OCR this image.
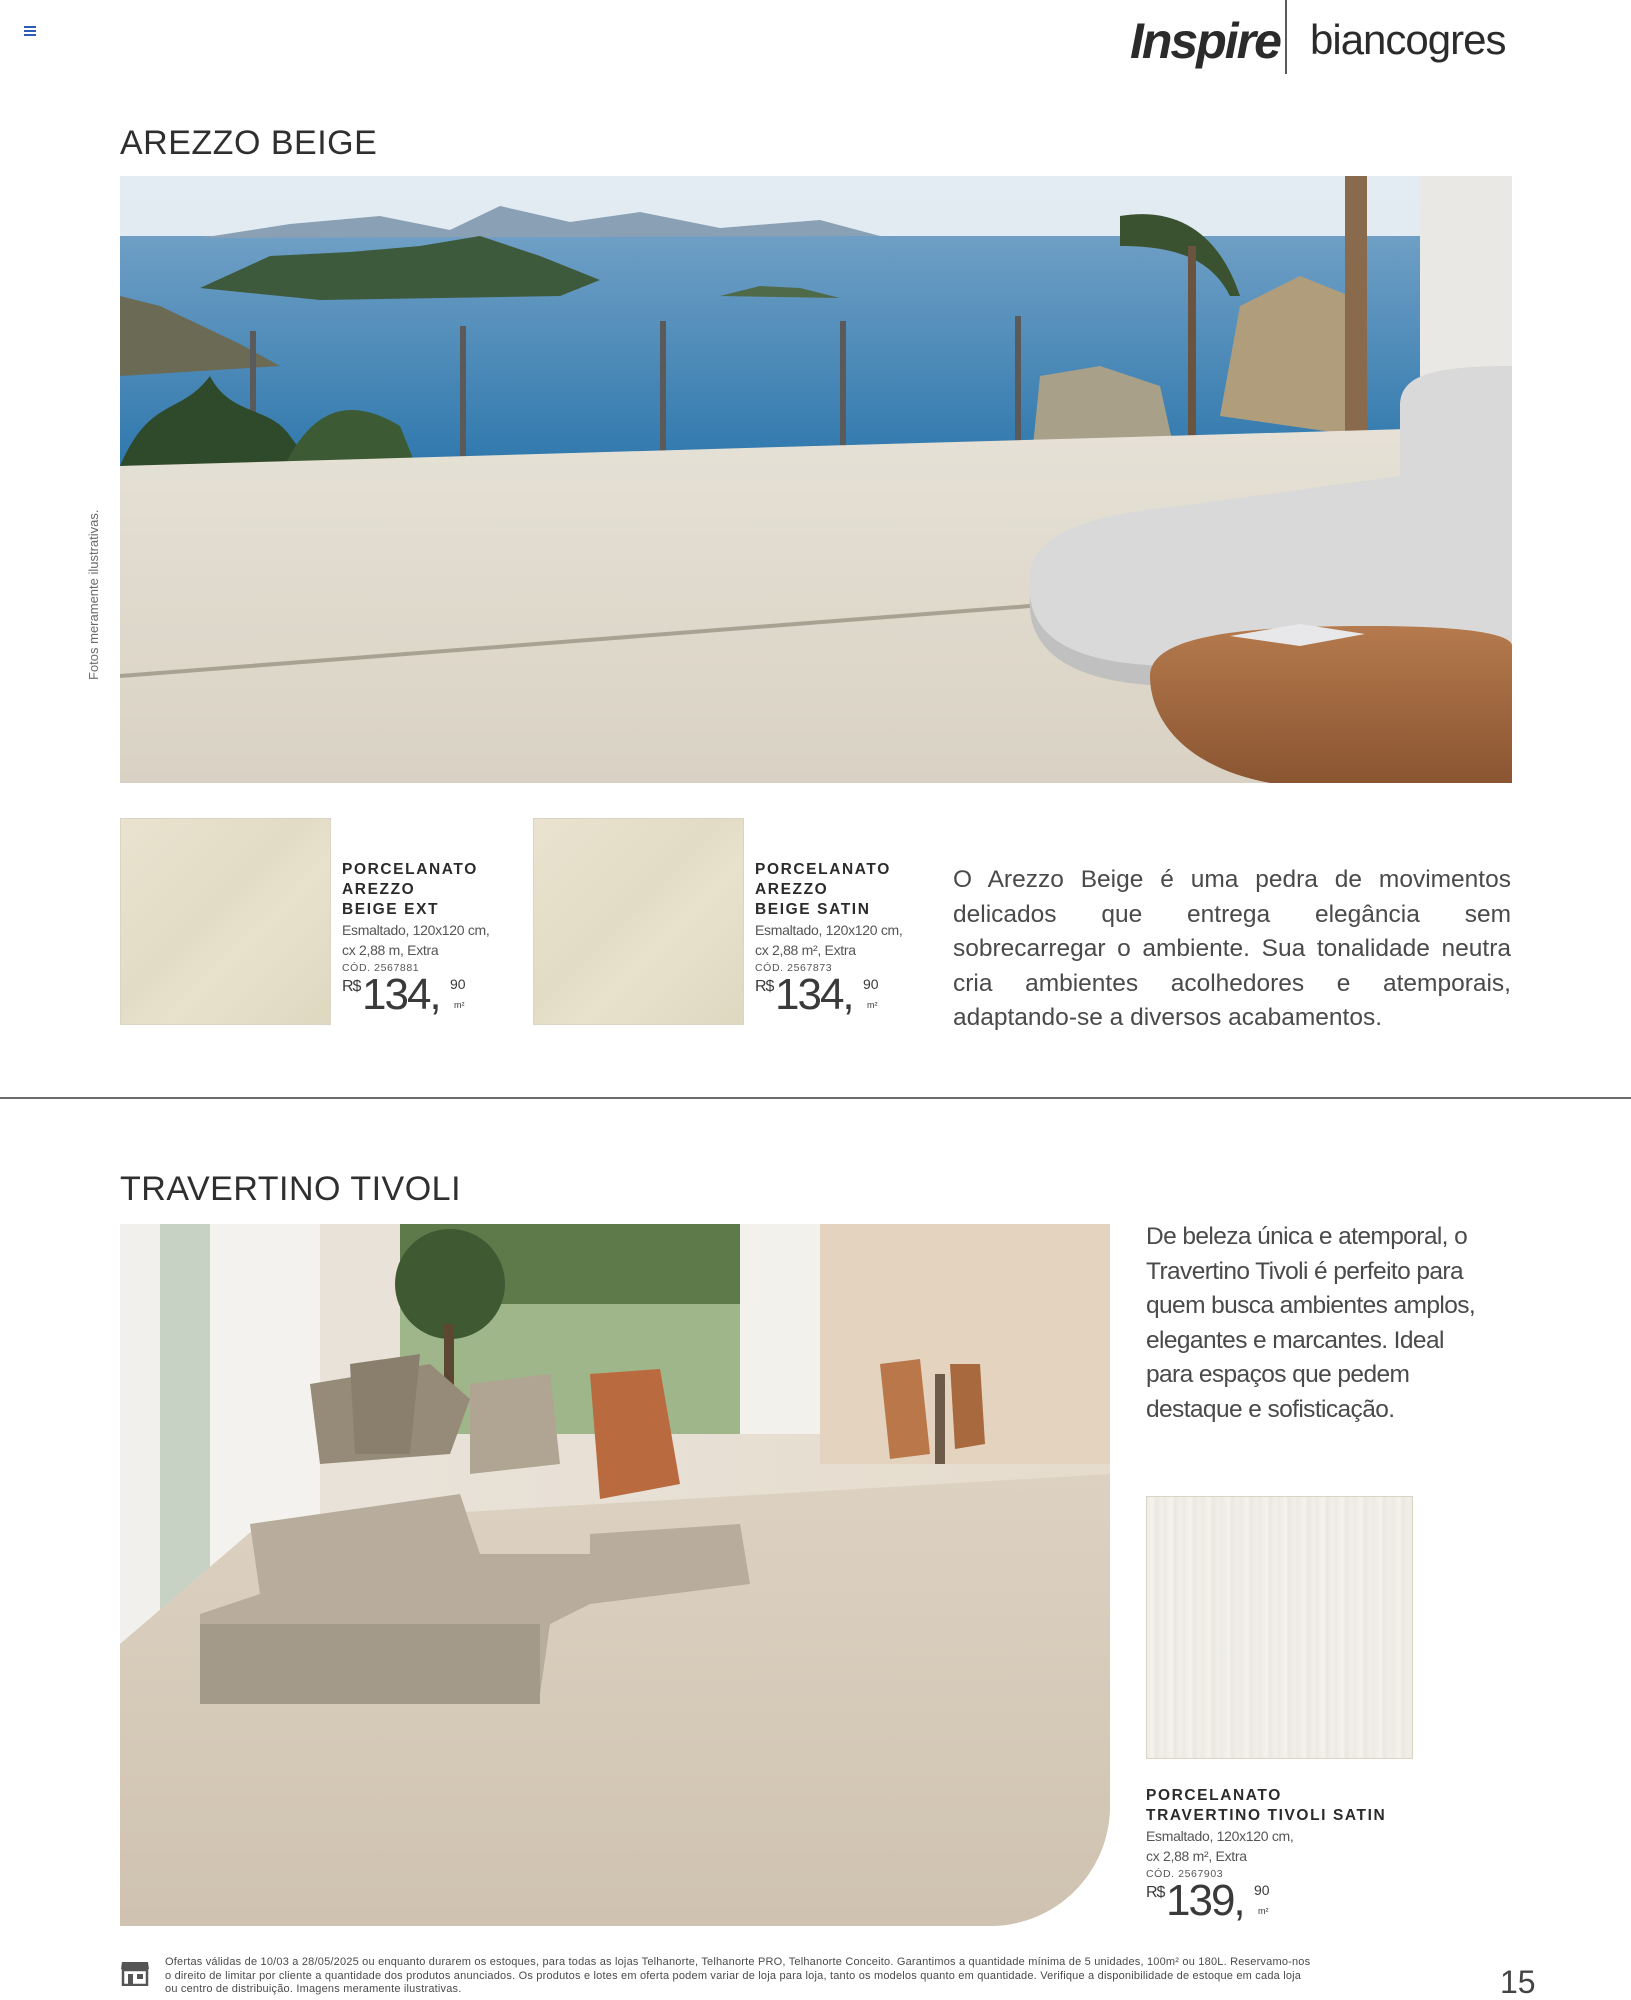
Inspire biancogres
AREZZO BEIGE
Fotos meramente ilustrativas.
PORCELANATO
AREZZO
BEIGE EXT
Esmaltado, 120x120 cm,
cx 2,88 m, Extra
CÓD. 2567881
R$ 134, 90
m²
PORCELANATO
AREZZO
BEIGE SATIN
Esmaltado, 120x120 cm,
cx 2,88 m², Extra
CÓD. 2567873
R$ 134, 90
m²
O Arezzo Beige é uma pedra de movimentos delicados que entrega elegância sem sobrecarregar o ambiente. Sua tonalidade neutra cria ambientes acolhedores e atemporais, adaptando-se a diversos acabamentos.
TRAVERTINO TIVOLI
De beleza única e atemporal, o Travertino Tivoli é perfeito para quem busca ambientes amplos, elegantes e marcantes. Ideal para espaços que pedem destaque e sofisticação.
PORCELANATO
TRAVERTINO TIVOLI SATIN
Esmaltado, 120x120 cm,
cx 2,88 m², Extra
CÓD. 2567903
R$ 139, 90
m²
Ofertas válidas de 10/03 a 28/05/2025 ou enquanto durarem os estoques, para todas as lojas Telhanorte, Telhanorte PRO, Telhanorte Conceito. Garantimos a quantidade mínima de 5 unidades, 100m² ou 180L. Reservamo-nos o direito de limitar por cliente a quantidade dos produtos anunciados. Os produtos e lotes em oferta podem variar de loja para loja, tanto os modelos quanto em quantidade. Verifique a disponibilidade de estoque em cada loja ou centro de distribuição. Imagens meramente ilustrativas.	15
